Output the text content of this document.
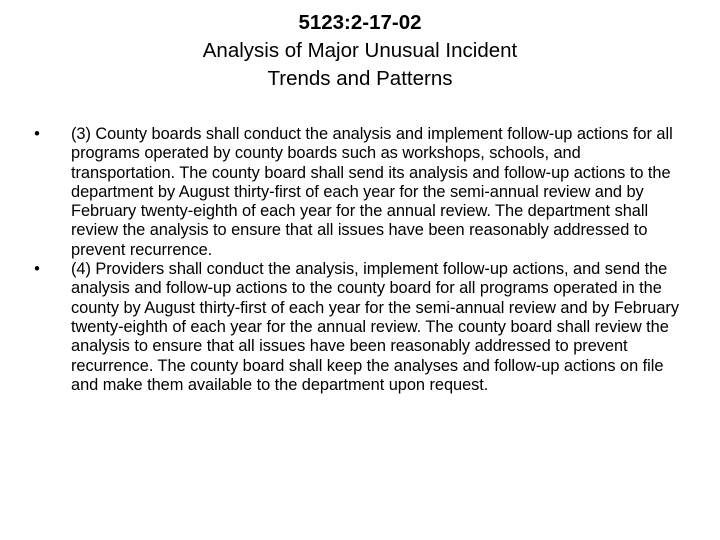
5123:2-17-02
Analysis of Major Unusual Incident
Trends and Patterns
• (3) County boards shall conduct the analysis and implement follow-up actions for all programs operated by county boards such as workshops, schools, and transportation. The county board shall send its analysis and follow-up actions to the department by August thirty-first of each year for the semi-annual review and by February twenty-eighth of each year for the annual review. The department shall review the analysis to ensure that all issues have been reasonably addressed to prevent recurrence.
• (4) Providers shall conduct the analysis, implement follow-up actions, and send the analysis and follow-up actions to the county board for all programs operated in the county by August thirty-first of each year for the semi-annual review and by February twenty-eighth of each year for the annual review. The county board shall review the analysis to ensure that all issues have been reasonably addressed to prevent recurrence. The county board shall keep the analyses and follow-up actions on file and make them available to the department upon request.
